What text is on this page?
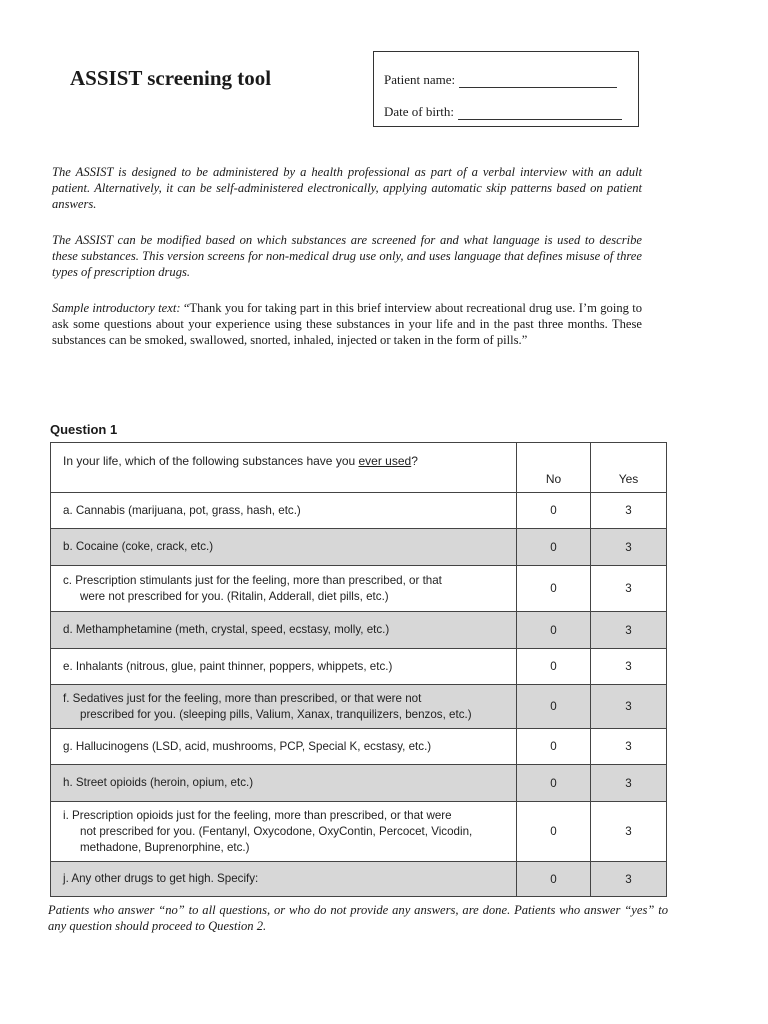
ASSIST screening tool	Patient name:
Date of birth:

The ASSIST is designed to be administered by a health professional as part of a verbal interview with an adult patient. Alternatively, it can be self-administered electronically, applying automatic skip patterns based on patient answers.

The ASSIST can be modified based on which substances are screened for and what language is used to describe these substances. This version screens for non-medical drug use only, and uses language that defines misuse of three types of prescription drugs.

Sample introductory text: “Thank you for taking part in this brief interview about recreational drug use. I’m going to ask some questions about your experience using these substances in your life and in the past three months. These substances can be smoked, swallowed, snorted, inhaled, injected or taken in the form of pills.”

Question 1
In your life, which of the following substances have you ever used?	No	Yes
a. Cannabis (marijuana, pot, grass, hash, etc.)	0	3
b. Cocaine (coke, crack, etc.)	0	3
c. Prescription stimulants just for the feeling, more than prescribed, or that
were not prescribed for you. (Ritalin, Adderall, diet pills, etc.)	0	3
d. Methamphetamine (meth, crystal, speed, ecstasy, molly, etc.)	0	3
e. Inhalants (nitrous, glue, paint thinner, poppers, whippets, etc.)	0	3
f. Sedatives just for the feeling, more than prescribed, or that were not
prescribed for you. (sleeping pills, Valium, Xanax, tranquilizers, benzos, etc.)	0	3
g. Hallucinogens (LSD, acid, mushrooms, PCP, Special K, ecstasy, etc.)	0	3
h. Street opioids (heroin, opium, etc.)	0	3
i. Prescription opioids just for the feeling, more than prescribed, or that were
not prescribed for you. (Fentanyl, Oxycodone, OxyContin, Percocet, Vicodin,
methadone, Buprenorphine, etc.)	0	3
j. Any other drugs to get high. Specify:	0	3

Patients who answer “no” to all questions, or who do not provide any answers, are done. Patients who answer “yes” to any question should proceed to Question 2.
